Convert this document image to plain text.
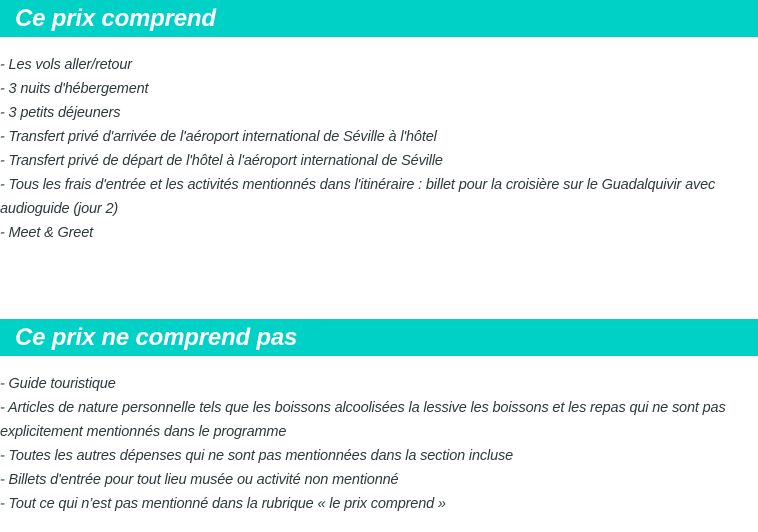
Ce prix comprend
- Les vols aller/retour
- 3 nuits d'hébergement
- 3 petits déjeuners
- Transfert privé d'arrivée de l'aéroport international de Séville à l'hôtel
- Transfert privé de départ de l'hôtel à l'aéroport international de Séville
- Tous les frais d'entrée et les activités mentionnés dans l'itinéraire : billet pour la croisière sur le Guadalquivir avec audioguide (jour 2)
- Meet & Greet
Ce prix ne comprend pas
- Guide touristique
- Articles de nature personnelle tels que les boissons alcoolisées la lessive les boissons et les repas qui ne sont pas explicitement mentionnés dans le programme
- Toutes les autres dépenses qui ne sont pas mentionnées dans la section incluse
- Billets d'entrée pour tout lieu musée ou activité non mentionné
- Tout ce qui n’est pas mentionné dans la rubrique « le prix comprend »
